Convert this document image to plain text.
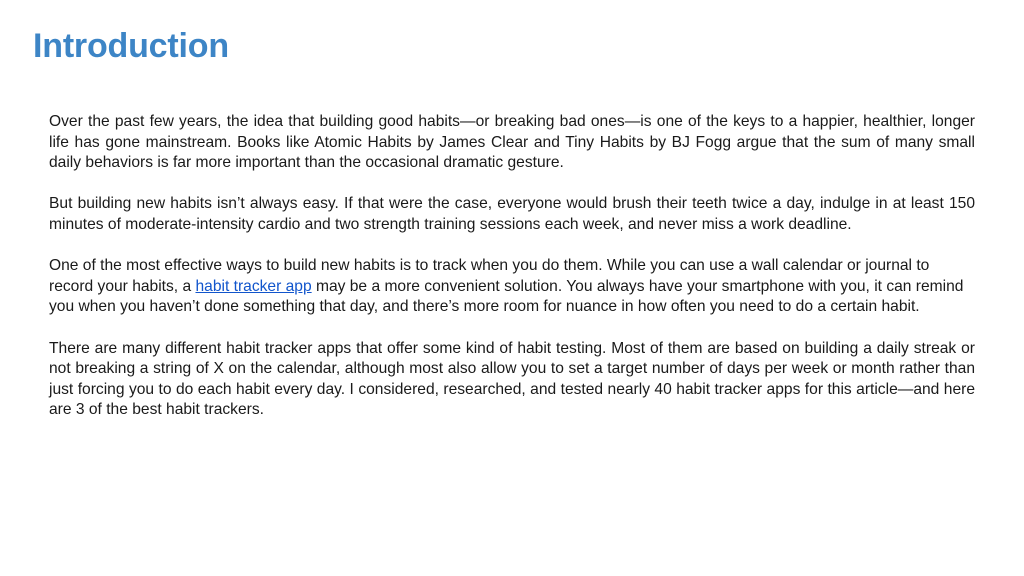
Introduction

Over the past few years, the idea that building good habits—or breaking bad ones—is one of the keys to a happier, healthier, longer life has gone mainstream. Books like Atomic Habits by James Clear and Tiny Habits by BJ Fogg argue that the sum of many small daily behaviors is far more important than the occasional dramatic gesture.

But building new habits isn’t always easy. If that were the case, everyone would brush their teeth twice a day, indulge in at least 150 minutes of moderate-intensity cardio and two strength training sessions each week, and never miss a work deadline.

One of the most effective ways to build new habits is to track when you do them. While you can use a wall calendar or journal to record your habits, a habit tracker app may be a more convenient solution. You always have your smartphone with you, it can remind you when you haven’t done something that day, and there’s more room for nuance in how often you need to do a certain habit.

There are many different habit tracker apps that offer some kind of habit testing. Most of them are based on building a daily streak or not breaking a string of X on the calendar, although most also allow you to set a target number of days per week or month rather than just forcing you to do each habit every day. I considered, researched, and tested nearly 40 habit tracker apps for this article—and here are 3 of the best habit trackers.
